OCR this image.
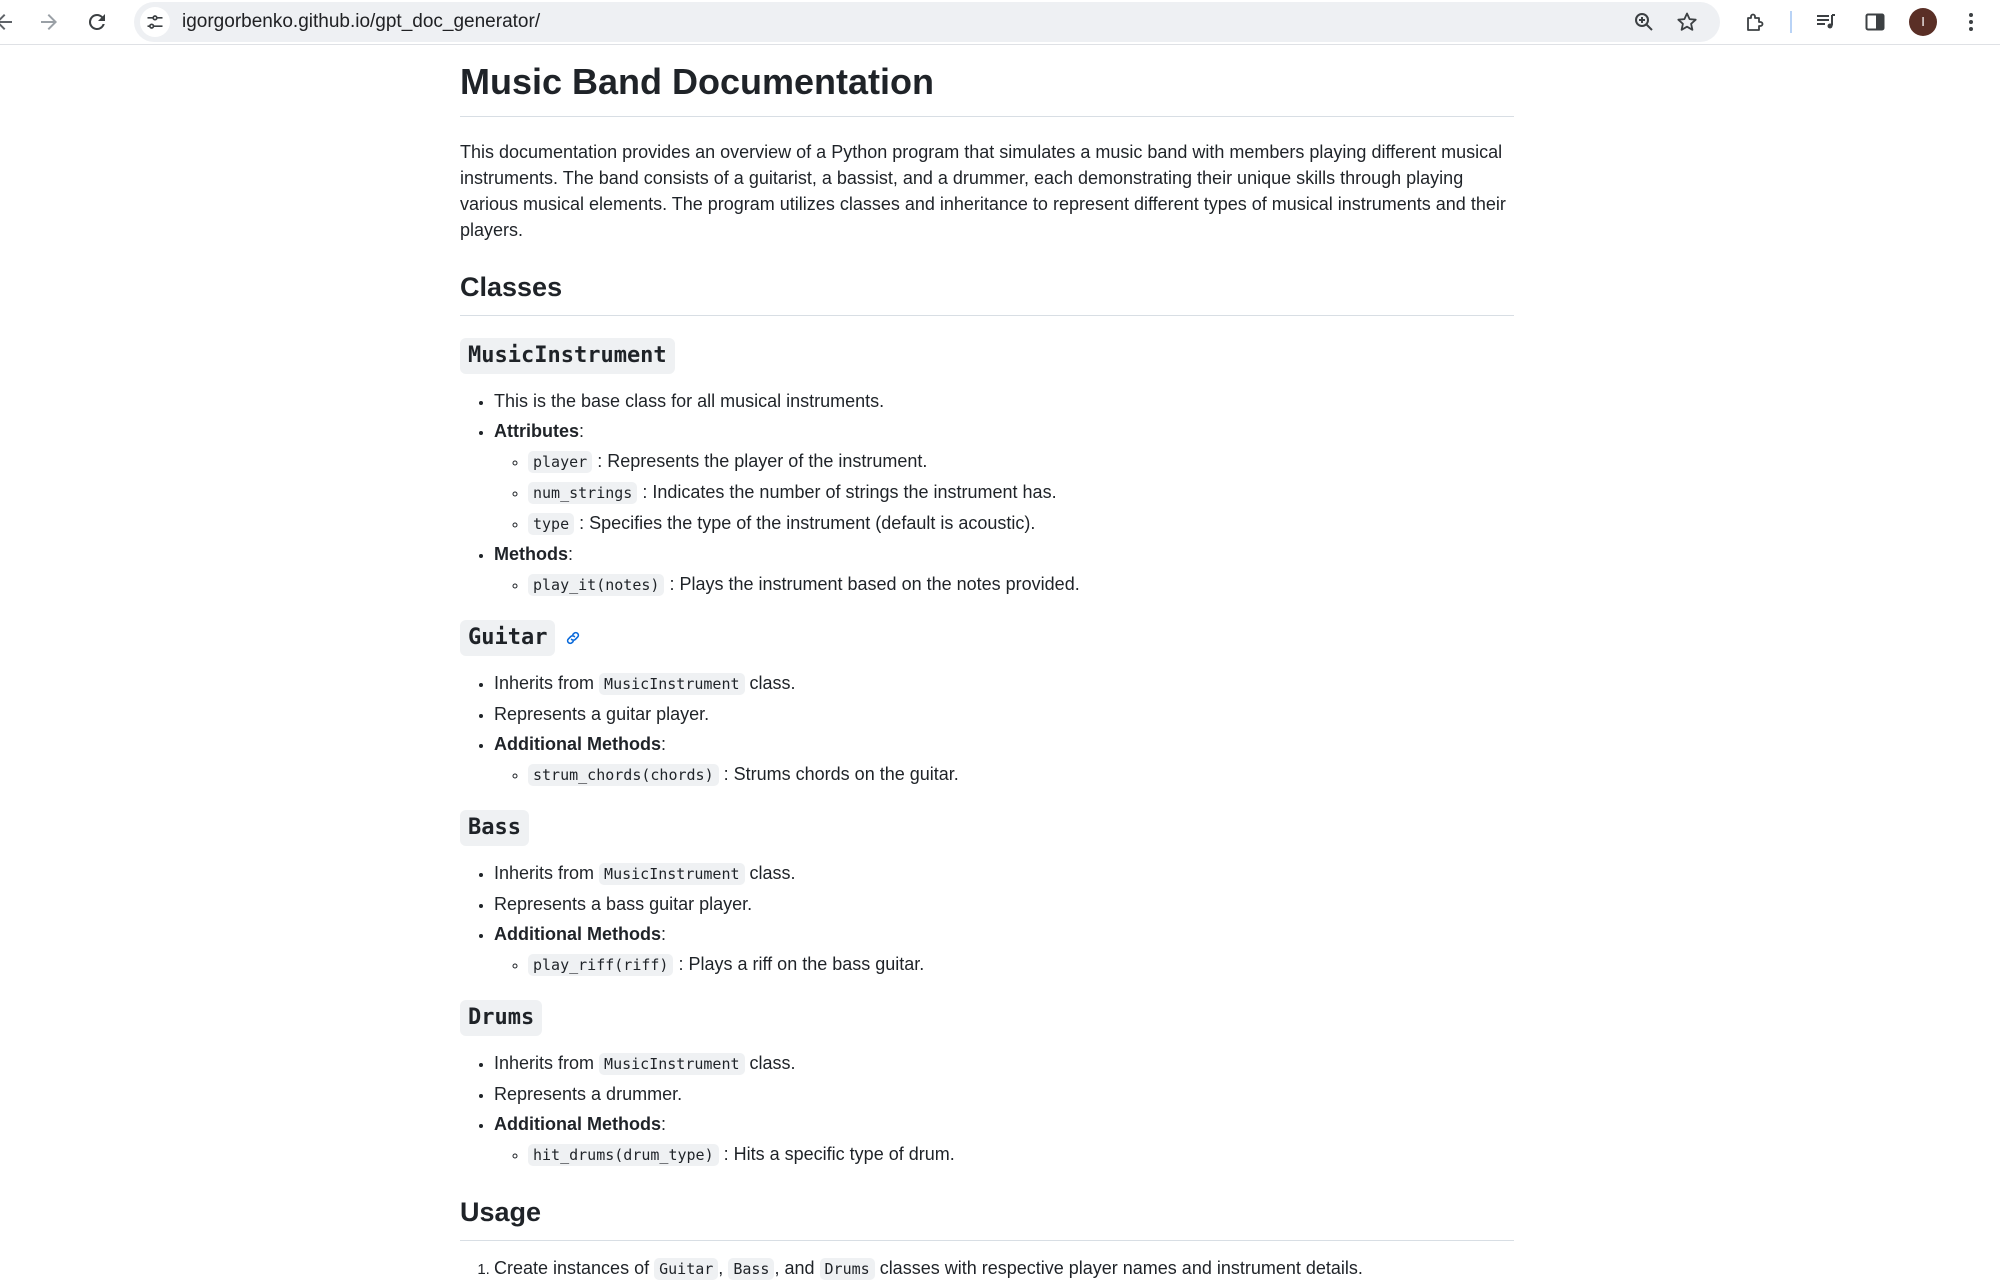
igorgorbenko.github.io/gpt_doc_generator/	I
Music Band Documentation

This documentation provides an overview of a Python program that simulates a music band with members playing different musical instruments. The band consists of a guitarist, a bassist, and a drummer, each demonstrating their unique skills through playing various musical elements. The program utilizes classes and inheritance to represent different types of musical instruments and their players.

Classes
MusicInstrument
• This is the base class for all musical instruments.
• Attributes:
◦ player : Represents the player of the instrument.
◦ num_strings : Indicates the number of strings the instrument has.
◦ type : Specifies the type of the instrument (default is acoustic).
• Methods:
◦ play_it(notes) : Plays the instrument based on the notes provided.
Guitar
• Inherits from MusicInstrument class.
• Represents a guitar player.
• Additional Methods:
◦ strum_chords(chords) : Strums chords on the guitar.
Bass
• Inherits from MusicInstrument class.
• Represents a bass guitar player.
• Additional Methods:
◦ play_riff(riff) : Plays a riff on the bass guitar.
Drums
• Inherits from MusicInstrument class.
• Represents a drummer.
• Additional Methods:
◦ hit_drums(drum_type) : Hits a specific type of drum.
Usage
1. Create instances of Guitar , Bass , and Drums classes with respective player names and instrument details.
